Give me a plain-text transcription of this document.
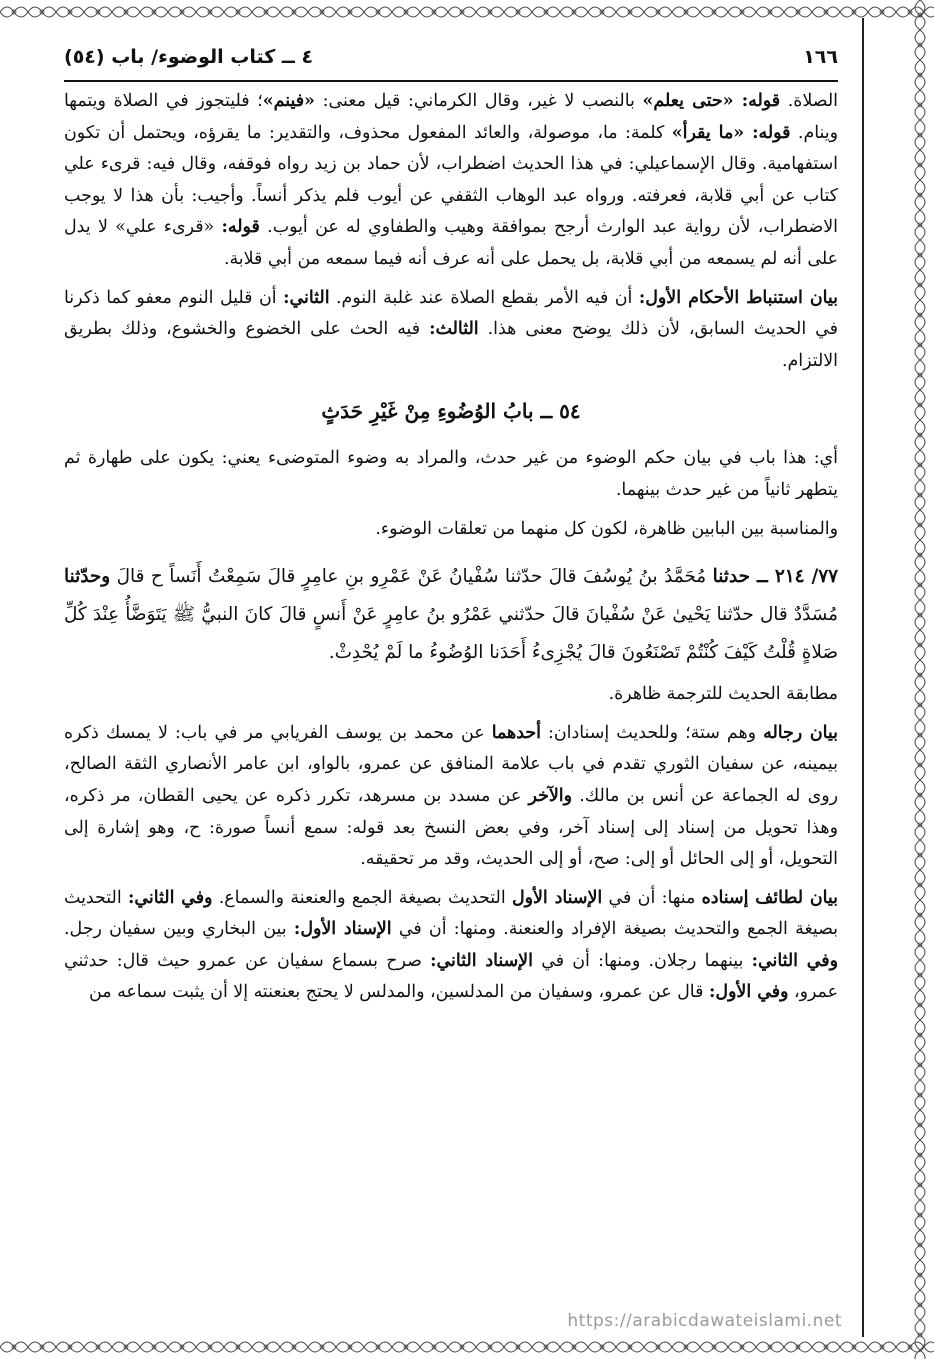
١٦٦
٤ ــ كتاب الوضوء/ باب (٥٤)

الصلاة. قوله: «حتى يعلم» بالنصب لا غير، وقال الكرماني: قيل معنى: «فينم»؛ فليتجوز في الصلاة ويتمها وينام. قوله: «ما يقرأ» كلمة: ما، موصولة، والعائد المفعول محذوف، والتقدير: ما يقرؤه، ويحتمل أن تكون استفهامية. وقال الإسماعيلي: في هذا الحديث اضطراب، لأن حماد بن زيد رواه فوقفه، وقال فيه: قرىء علي كتاب عن أبي قلابة، فعرفته. ورواه عبد الوهاب الثقفي عن أيوب فلم يذكر أنساً. وأجيب: بأن هذا لا يوجب الاضطراب، لأن رواية عبد الوارث أرجح بموافقة وهيب والطفاوي له عن أيوب. قوله: «قرىء علي» لا يدل على أنه لم يسمعه من أبي قلابة، بل يحمل على أنه عرف أنه فيما سمعه من أبي قلابة.

بيان استنباط الأحكام الأول: أن فيه الأمر بقطع الصلاة عند غلبة النوم. الثاني: أن قليل النوم معفو كما ذكرنا في الحديث السابق، لأن ذلك يوضح معنى هذا. الثالث: فيه الحث على الخضوع والخشوع، وذلك بطريق الالتزام.

٥٤ ــ بابُ الوُضُوءِ مِنْ غَيْرِ حَدَثٍ

أي: هذا باب في بيان حكم الوضوء من غير حدث، والمراد به وضوء المتوضىء يعني: يكون على طهارة ثم يتطهر ثانياً من غير حدث بينهما.

والمناسبة بين البابين ظاهرة، لكون كل منهما من تعلقات الوضوء.

٧٧/ ٢١٤ ــ حدثنا مُحَمَّدُ بنُ يُوسُفَ قالَ حدّثنا سُفْيانُ عَنْ عَمْرِو بنِ عامِرٍ قالَ سَمِعْتُ أَنَساً ح قالَ وحدّثنا مُسَدَّدٌ قال حدّثنا يَحْيىٰ عَنْ سُفْيانَ قالَ حدّثني عَمْرُو بنُ عامِرٍ عَنْ أَنسٍ قالَ كانَ النبيُّ ﷺ يَتَوَضَّأُ عِنْدَ كُلِّ صَلاةٍ قُلْتُ كَيْفَ كُنْتُمْ تَصْنَعُونَ قالَ يُجْزِىءُ أَحَدَنا الوُضُوءُ ما لَمْ يُحْدِثْ.

مطابقة الحديث للترجمة ظاهرة.

بيان رجاله وهم ستة؛ وللحديث إسنادان: أحدهما عن محمد بن يوسف الفريابي مر في باب: لا يمسك ذكره بيمينه، عن سفيان الثوري تقدم في باب علامة المنافق عن عمرو، بالواو، ابن عامر الأنصاري الثقة الصالح، روى له الجماعة عن أنس بن مالك. والآخر عن مسدد بن مسرهد، تكرر ذكره عن يحيى القطان، مر ذكره، وهذا تحويل من إسناد إلى إسناد آخر، وفي بعض النسخ بعد قوله: سمع أنساً صورة: ح، وهو إشارة إلى التحويل، أو إلى الحائل أو إلى: صح، أو إلى الحديث، وقد مر تحقيقه.

بيان لطائف إسناده منها: أن في الإسناد الأول التحديث بصيغة الجمع والعنعنة والسماع. وفي الثاني: التحديث بصيغة الجمع والتحديث بصيغة الإفراد والعنعنة. ومنها: أن في الإسناد الأول: بين البخاري وبين سفيان رجل. وفي الثاني: بينهما رجلان. ومنها: أن في الإسناد الثاني: صرح بسماع سفيان عن عمرو حيث قال: حدثني عمرو، وفي الأول: قال عن عمرو، وسفيان من المدلسين، والمدلس لا يحتج بعنعنته إلا أن يثبت سماعه من

https://arabicdawateislami.net
